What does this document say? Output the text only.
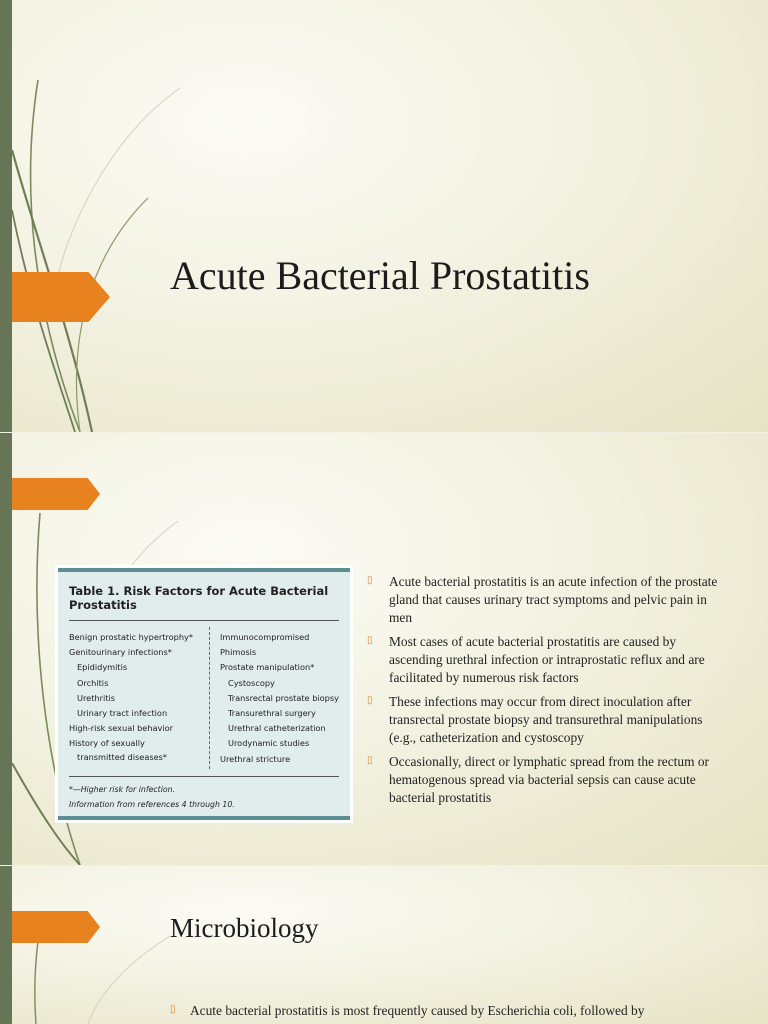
Acute Bacterial Prostatitis
Table 1. Risk Factors for Acute Bacterial Prostatitis
Benign prostatic hypertrophy*
Genitourinary infections*
Epididymitis
Orchitis
Urethritis
Urinary tract infection
High-risk sexual behavior
History of sexually
transmitted diseases*
Immunocompromised
Phimosis
Prostate manipulation*
Cystoscopy
Transrectal prostate biopsy
Transurethral surgery
Urethral catheterization
Urodynamic studies
Urethral stricture
*—Higher risk for infection.
Information from references 4 through 10.
▯ Acute bacterial prostatitis is an acute infection of the prostate gland that causes urinary tract symptoms and pelvic pain in men
▯ Most cases of acute bacterial prostatitis are caused by ascending urethral infection or intraprostatic reflux and are facilitated by numerous risk factors
▯ These infections may occur from direct inoculation after transrectal prostate biopsy and transurethral manipulations (e.g., catheterization and cystoscopy
▯ Occasionally, direct or lymphatic spread from the rectum or hematogenous spread via bacterial sepsis can cause acute bacterial prostatitis
Microbiology
▯ Acute bacterial prostatitis is most frequently caused by Escherichia coli, followed by
